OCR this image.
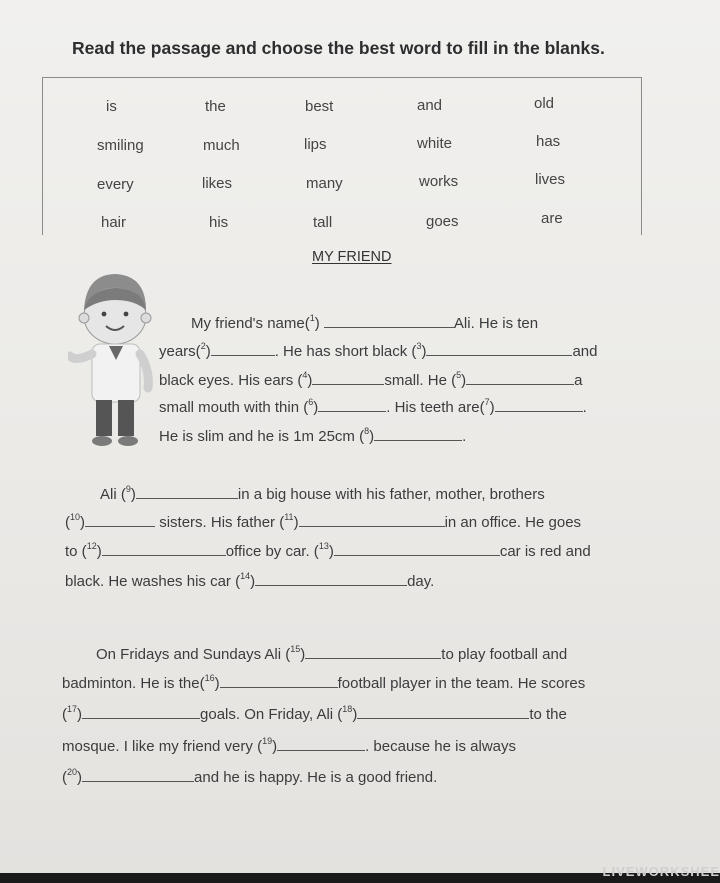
Read the passage and choose the best word to fill in the blanks.
is	the	best	and	old
smiling	much	lips	white	has
every	likes	many	works	lives
hair	his	tall	goes	are
MY FRIEND
My friend's name($^1$)	Ali. He is ten
years($^2$)	. He has short black ($^3$)	and
black eyes. His ears ($^4$)	small. He ($^5$)	a
small mouth with thin ($^6$)	. His teeth are($^7$)	.
He is slim and he is 1m 25cm ($^8$)	.
Ali ($^9$)	in a big house with his father, mother, brothers
($^{10}$)	sisters. His father ($^{11}$)	in an office. He goes
to ($^{12}$)	office by car. ($^{13}$)	car is red and
black. He washes his car ($^{14}$)	day.
On Fridays and Sundays Ali ($^{15}$)	to play football and
badminton. He is the($^{16}$)	football player in the team. He scores
($^{17}$)	goals. On Friday, Ali ($^{18}$)	to the
mosque. I like my friend very ($^{19}$)	. because he is always
($^{20}$)	and he is happy. He is a good friend.
LIVEWORKSHEE
